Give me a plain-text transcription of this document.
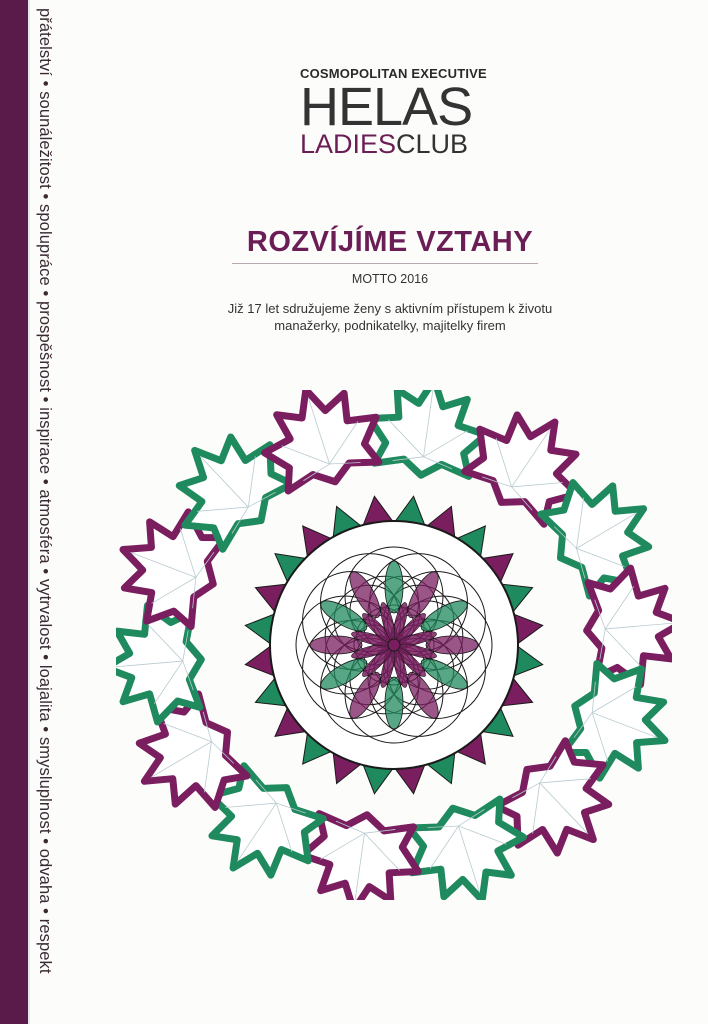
přátelství • sounáležitost • spolupráce • prospěšnost • inspirace • atmosféra • vytrvalost • loajalita • smysluplnost • odvaha • respekt	COSMOPOLITAN EXECUTIVE
HELAS
LADIESCLUB
ROZVÍJÍME VZTAHY
MOTTO 2016
Již 17 let sdružujeme ženy s aktivním přístupem k životu
manažerky, podnikatelky, majitelky firem
